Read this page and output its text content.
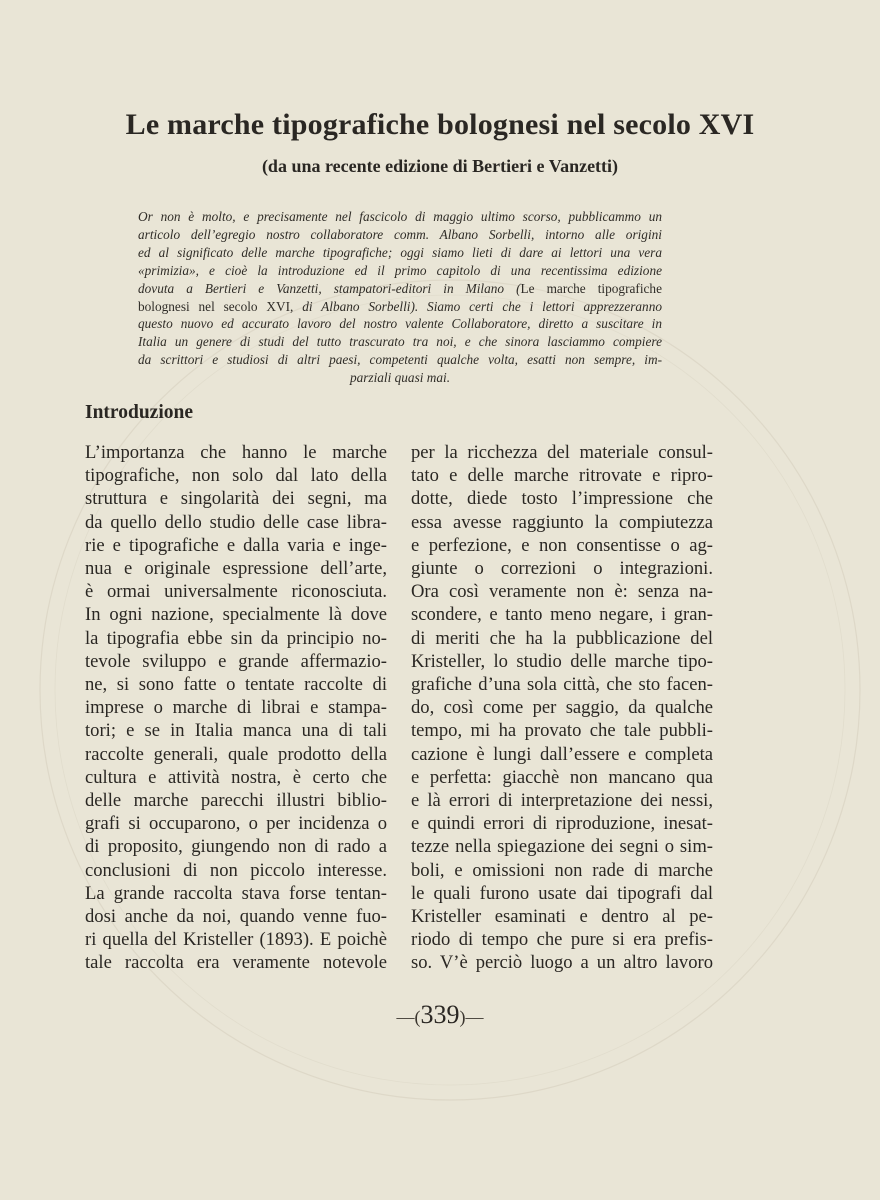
Le marche tipografiche bolognesi nel secolo XVI
(da una recente edizione di Bertieri e Vanzetti)
Or non è molto, e precisamente nel fascicolo di maggio ultimo scorso, pubblicammo un
articolo dell’egregio nostro collaboratore comm. Albano Sorbelli, intorno alle origini
ed al significato delle marche tipografiche; oggi siamo lieti di dare ai lettori una vera
«primizia», e cioè la introduzione ed il primo capitolo di una recentissima edizione
dovuta a Bertieri e Vanzetti, stampatori-editori in Milano (Le marche tipografiche
bolognesi nel secolo XVI, di Albano Sorbelli). Siamo certi che i lettori apprezzeranno
questo nuovo ed accurato lavoro del nostro valente Collaboratore, diretto a suscitare in
Italia un genere di studi del tutto trascurato tra noi, e che sinora lasciammo compiere
da scrittori e studiosi di altri paesi, competenti qualche volta, esatti non sempre, im-
parziali quasi mai.
Introduzione
L’importanza che hanno le marche
tipografiche, non solo dal lato della
struttura e singolarità dei segni, ma
da quello dello studio delle case libra-
rie e tipografiche e dalla varia e inge-
nua e originale espressione dell’arte,
è ormai universalmente riconosciuta.
In ogni nazione, specialmente là dove
la tipografia ebbe sin da principio no-
tevole sviluppo e grande affermazio-
ne, si sono fatte o tentate raccolte di
imprese o marche di librai e stampa-
tori; e se in Italia manca una di tali
raccolte generali, quale prodotto della
cultura e attività nostra, è certo che
delle marche parecchi illustri biblio-
grafi si occuparono, o per incidenza o
di proposito, giungendo non di rado a
conclusioni di non piccolo interesse.
La grande raccolta stava forse tentan-
dosi anche da noi, quando venne fuo-
ri quella del Kristeller (1893). E poichè
tale raccolta era veramente notevole
per la ricchezza del materiale consul-
tato e delle marche ritrovate e ripro-
dotte, diede tosto l’impressione che
essa avesse raggiunto la compiutezza
e perfezione, e non consentisse o ag-
giunte o correzioni o integrazioni.
Ora così veramente non è: senza na-
scondere, e tanto meno negare, i gran-
di meriti che ha la pubblicazione del
Kristeller, lo studio delle marche tipo-
grafiche d’una sola città, che sto facen-
do, così come per saggio, da qualche
tempo, mi ha provato che tale pubbli-
cazione è lungi dall’essere e completa
e perfetta: giacchè non mancano qua
e là errori di interpretazione dei nessi,
e quindi errori di riproduzione, inesat-
tezze nella spiegazione dei segni o sim-
boli, e omissioni non rade di marche
le quali furono usate dai tipografi dal
Kristeller esaminati e dentro al pe-
riodo di tempo che pure si era prefis-
so. V’è perciò luogo a un altro lavoro
—(339)—
